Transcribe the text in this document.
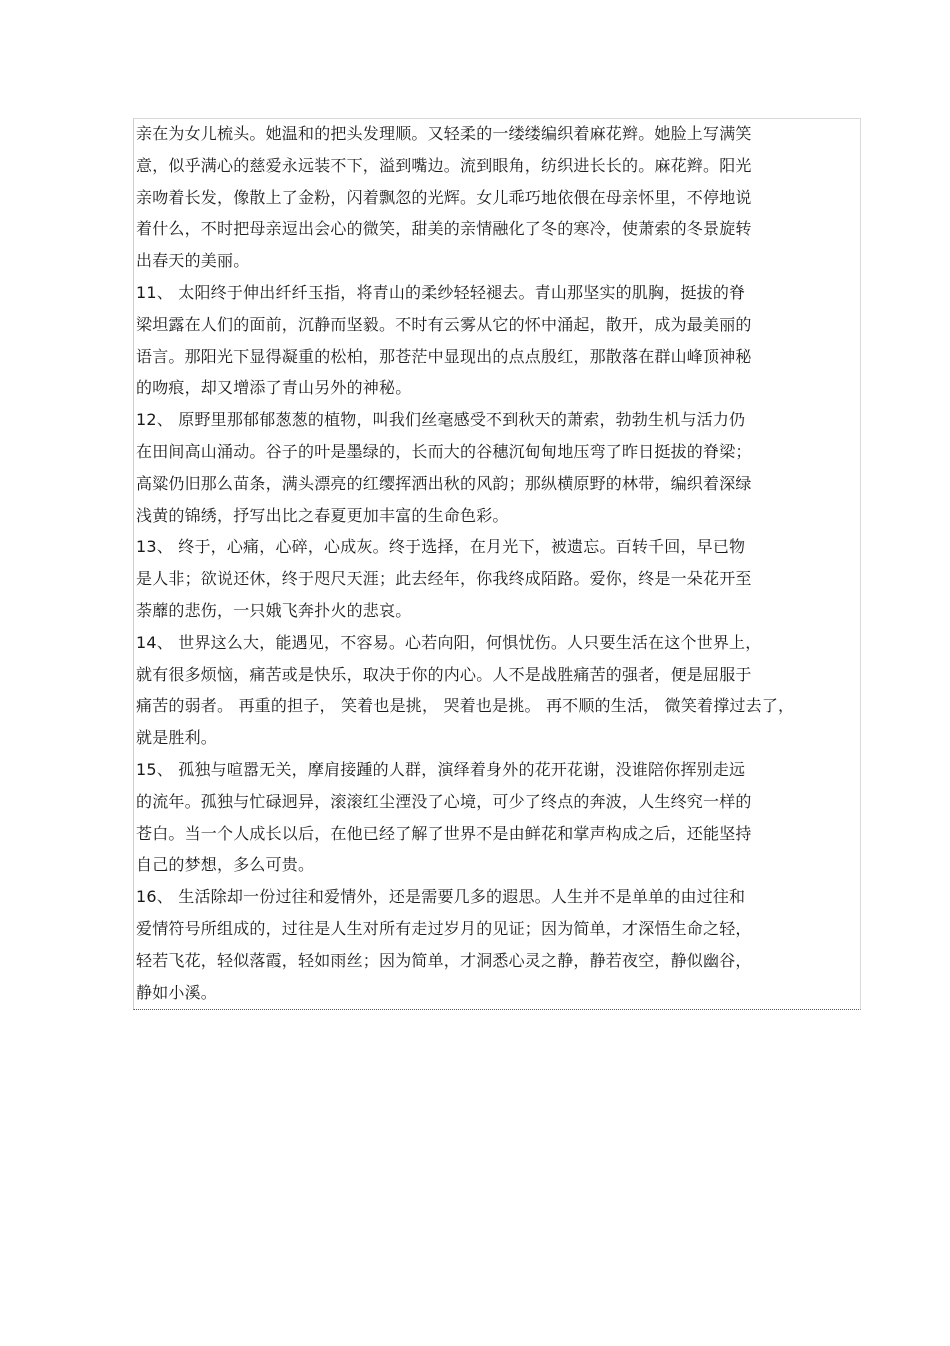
亲在为女儿梳头。她温和的把头发理顺。又轻柔的一缕缕编织着麻花辫。她脸上写满笑
意，似乎满心的慈爱永远装不下，溢到嘴边。流到眼角，纺织进长长的。麻花辫。阳光
亲吻着长发，像散上了金粉，闪着飘忽的光辉。女儿乖巧地依偎在母亲怀里，不停地说
着什么，不时把母亲逗出会心的微笑，甜美的亲情融化了冬的寒冷，使萧索的冬景旋转
出春天的美丽。
11、 太阳终于伸出纤纤玉指，将青山的柔纱轻轻褪去。青山那坚实的肌胸，挺拔的脊
梁坦露在人们的面前，沉静而坚毅。不时有云雾从它的怀中涌起，散开，成为最美丽的
语言。那阳光下显得凝重的松柏，那苍茫中显现出的点点殷红，那散落在群山峰顶神秘
的吻痕，却又增添了青山另外的神秘。
12、 原野里那郁郁葱葱的植物，叫我们丝毫感受不到秋天的萧索，勃勃生机与活力仍
在田间高山涌动。谷子的叶是墨绿的，长而大的谷穗沉甸甸地压弯了昨日挺拔的脊梁；
高粱仍旧那么苗条，满头漂亮的红缨挥洒出秋的风韵；那纵横原野的林带，编织着深绿
浅黄的锦绣，抒写出比之春夏更加丰富的生命色彩。
13、 终于，心痛，心碎，心成灰。终于选择，在月光下，被遗忘。百转千回，早已物
是人非；欲说还休，终于咫尺天涯；此去经年，你我终成陌路。爱你，终是一朵花开至
荼蘼的悲伤，一只娥飞奔扑火的悲哀。
14、 世界这么大，能遇见，不容易。心若向阳，何惧忧伤。人只要生活在这个世界上，
就有很多烦恼，痛苦或是快乐，取决于你的内心。人不是战胜痛苦的强者，便是屈服于
痛苦的弱者。 再重的担子， 笑着也是挑， 哭着也是挑。 再不顺的生活， 微笑着撑过去了，
就是胜利。
15、 孤独与喧嚣无关，摩肩接踵的人群，演绎着身外的花开花谢，没谁陪你挥别走远
的流年。孤独与忙碌迥异，滚滚红尘湮没了心境，可少了终点的奔波，人生终究一样的
苍白。当一个人成长以后，在他已经了解了世界不是由鲜花和掌声构成之后，还能坚持
自己的梦想，多么可贵。
16、 生活除却一份过往和爱情外，还是需要几多的遐思。人生并不是单单的由过往和
爱情符号所组成的，过往是人生对所有走过岁月的见证；因为简单，才深悟生命之轻，
轻若飞花，轻似落霞，轻如雨丝；因为简单，才洞悉心灵之静，静若夜空，静似幽谷，
静如小溪。
